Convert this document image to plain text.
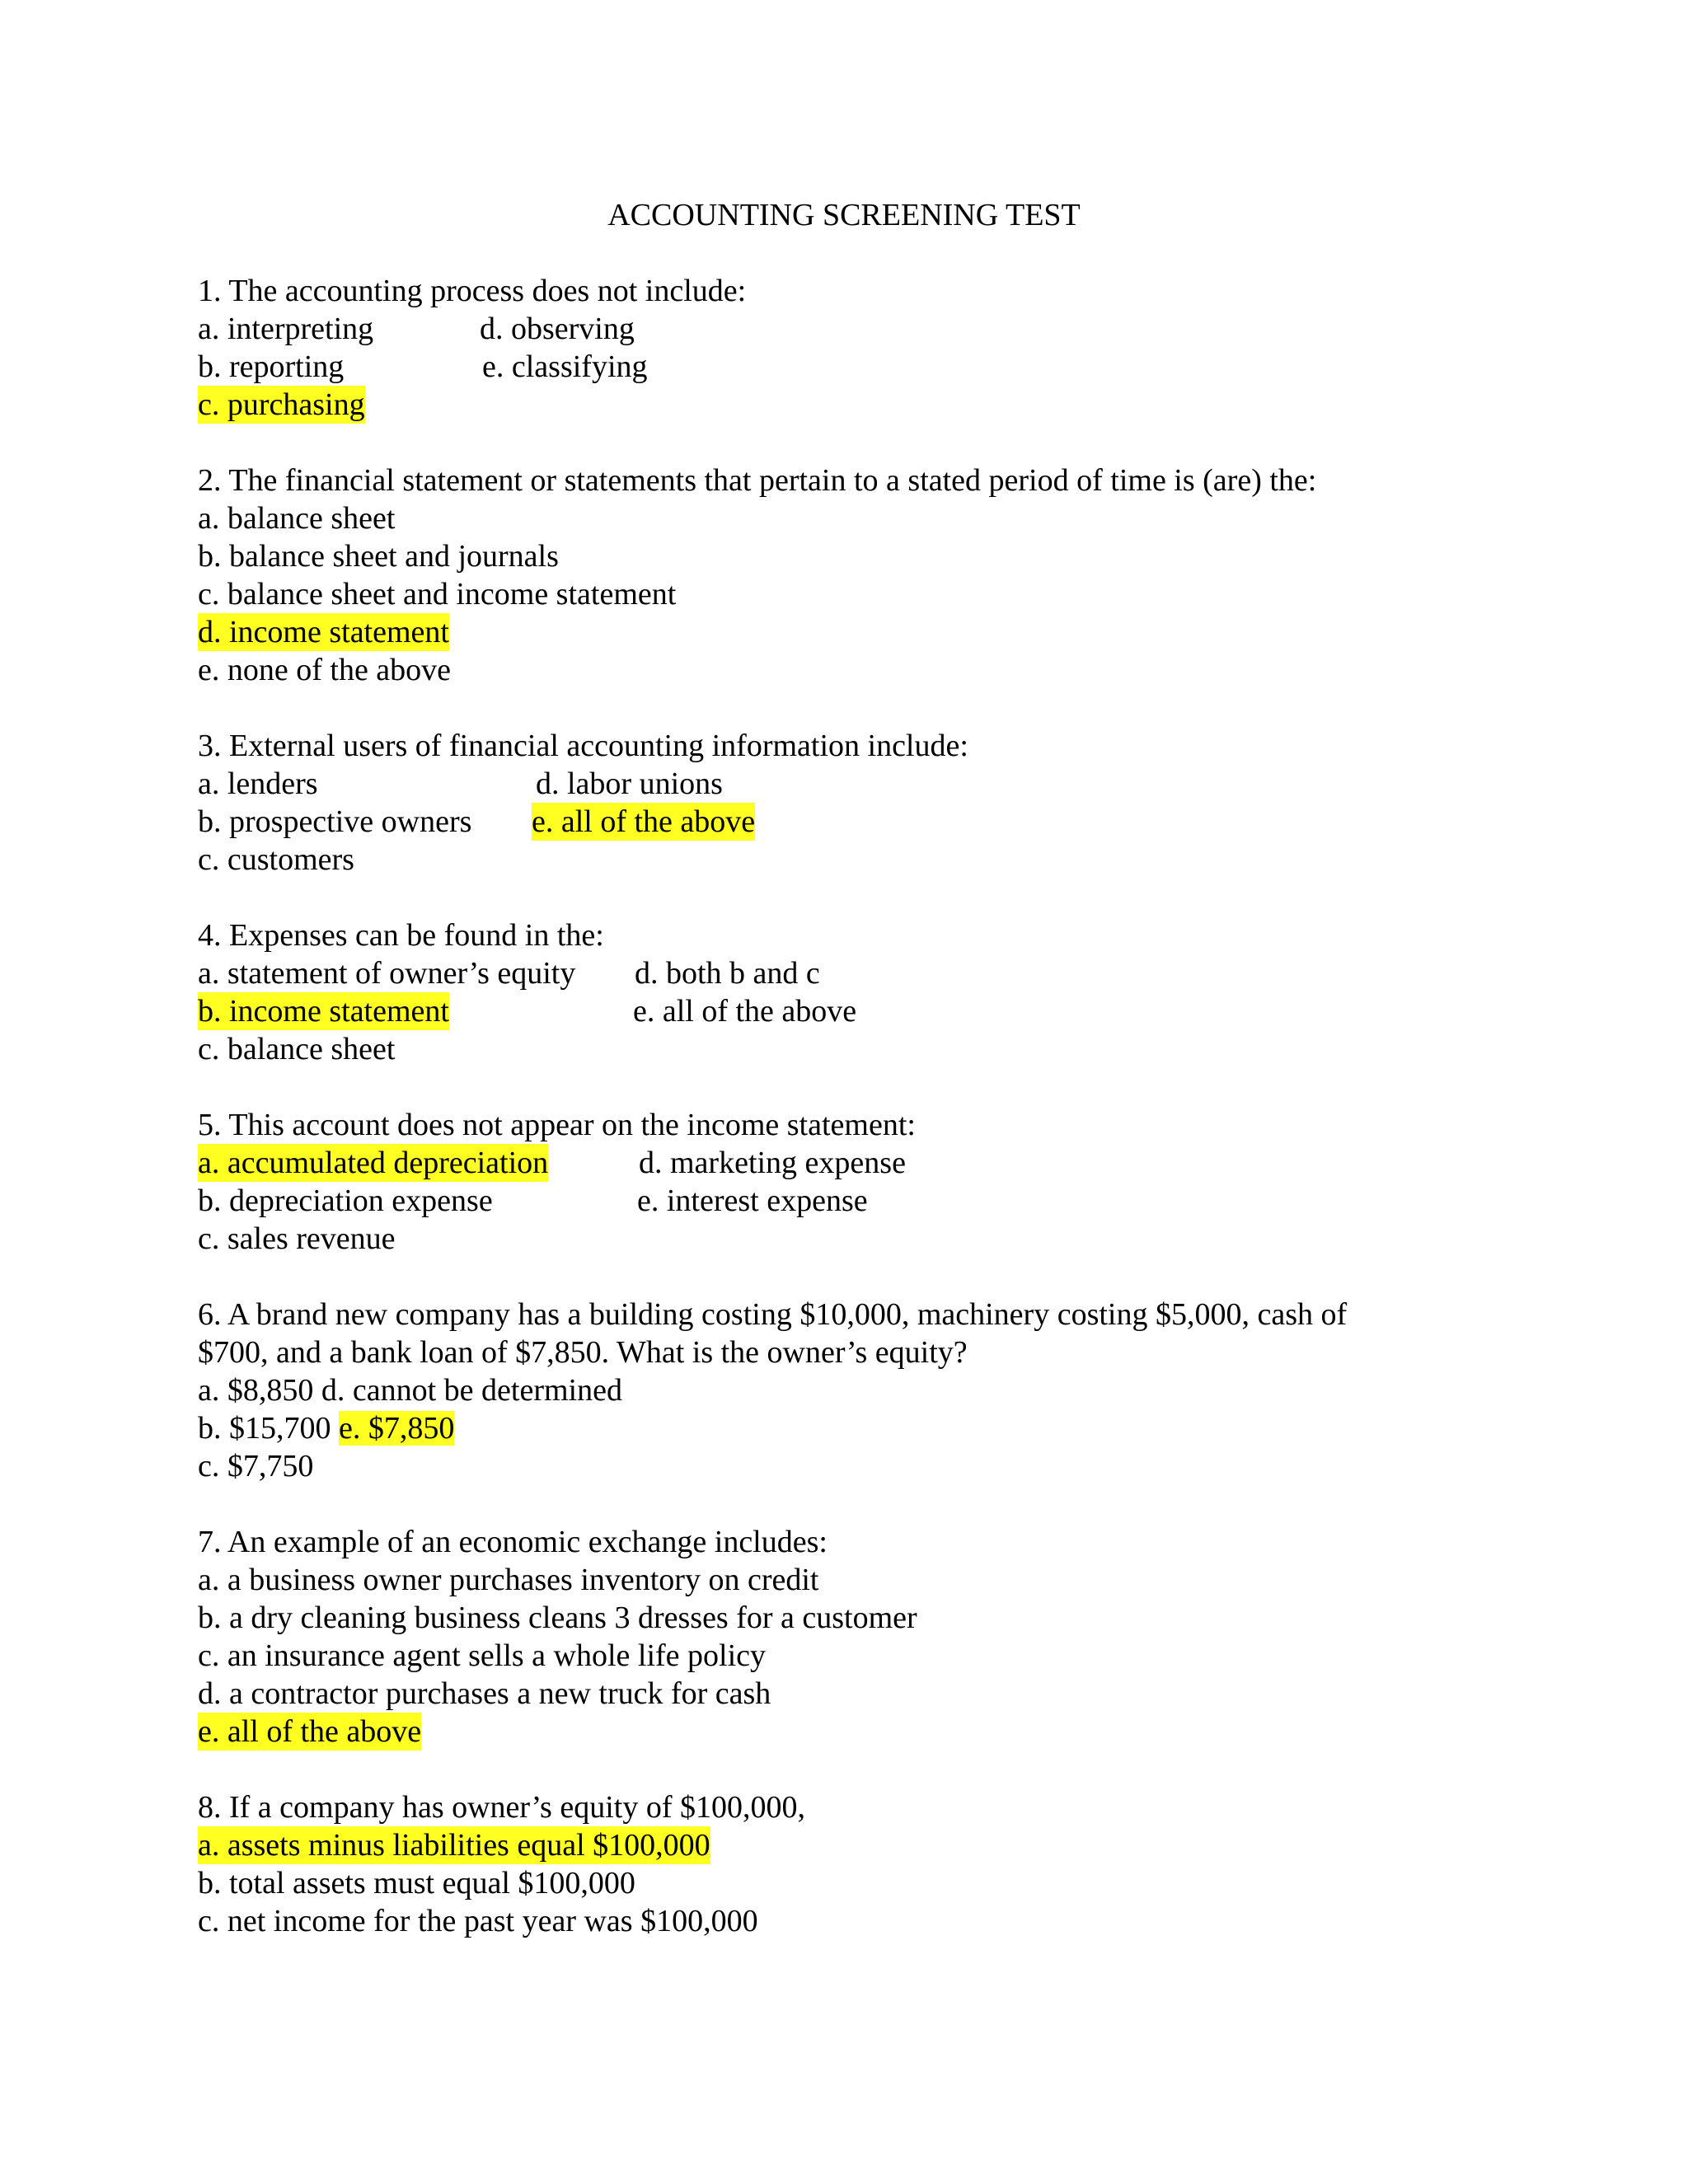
ACCOUNTING SCREENING TEST
1. The accounting process does not include:
a. interpreting	d. observing
b. reporting	e. classifying
c. purchasing
2. The financial statement or statements that pertain to a stated period of time is (are) the:
a. balance sheet
b. balance sheet and journals
c. balance sheet and income statement
d. income statement
e. none of the above
3. External users of financial accounting information include:
a. lenders	d. labor unions
b. prospective owners e. all of the above
c. customers
4. Expenses can be found in the:
a. statement of owner’s equity d. both b and c
b. income statement	e. all of the above
c. balance sheet
5. This account does not appear on the income statement:
a. accumulated depreciation	d. marketing expense
b. depreciation expense	e. interest expense
c. sales revenue
6. A brand new company has a building costing $10,000, machinery costing $5,000, cash of
$700, and a bank loan of $7,850. What is the owner’s equity?
a. $8,850 d. cannot be determined
b. $15,700 e. $7,850
c. $7,750
7. An example of an economic exchange includes:
a. a business owner purchases inventory on credit
b. a dry cleaning business cleans 3 dresses for a customer
c. an insurance agent sells a whole life policy
d. a contractor purchases a new truck for cash
e. all of the above
8. If a company has owner’s equity of $100,000,
a. assets minus liabilities equal $100,000
b. total assets must equal $100,000
c. net income for the past year was $100,000
